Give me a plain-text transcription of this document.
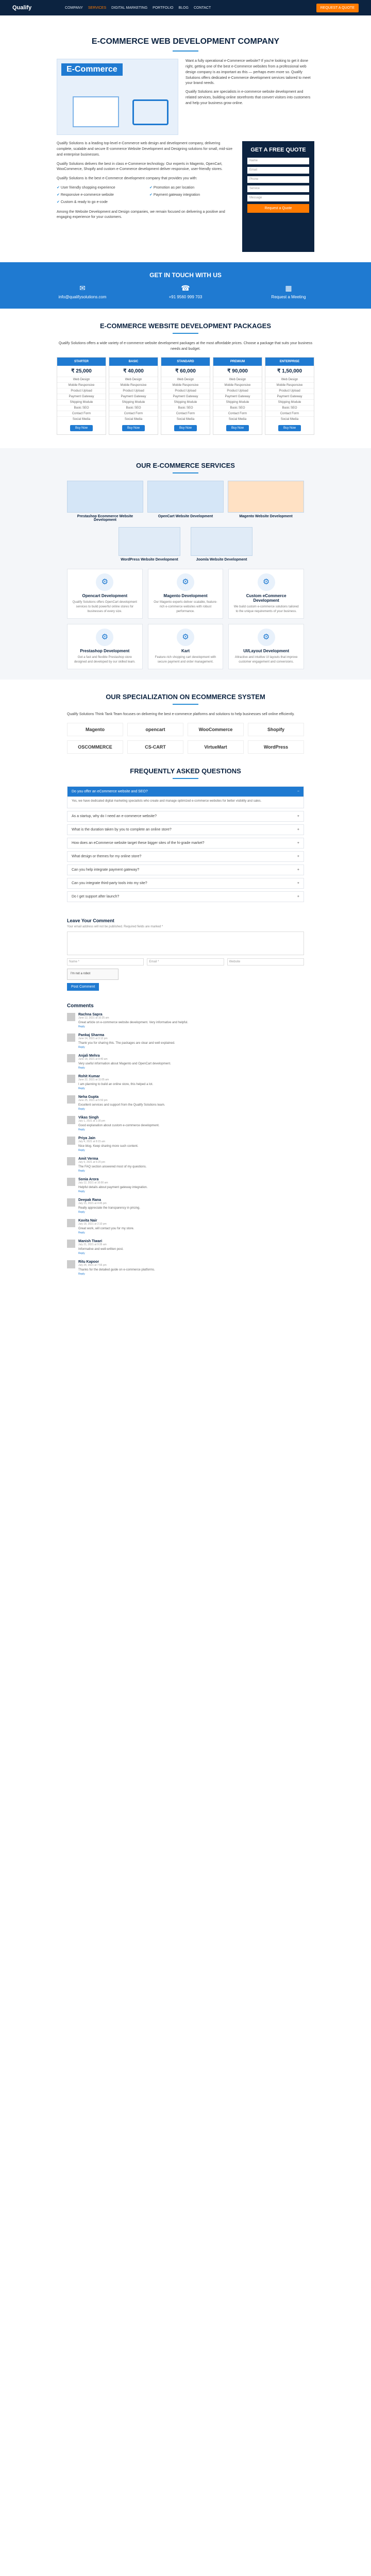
Qualify	COMPANY SERVICES DIGITAL MARKETING PORTFOLIO BLOG CONTACT	REQUEST A QUOTE
E-COMMERCE WEB DEVELOPMENT COMPANY
E-Commerce

Want a fully operational e-Commerce website? If you're looking to get it done right, getting one of the best e-Commerce websites from a professional web design company is as important as this — perhaps even more so. Qualify Solutions offers dedicated e-Commerce development services tailored to meet your brand needs.

Qualify Solutions are specialists in e-commerce website development and related services, building online storefronts that convert visitors into customers and help your business grow online.

Qualify Solutions is a leading top-level e-Commerce web design and development company, delivering complete, scalable and secure E-commerce Website Development and Designing solutions for small, mid-size and enterprise businesses.

Qualify Solutions delivers the best in class e-Commerce technology. Our experts in Magento, OpenCart, WooCommerce, Shopify and custom e-Commerce development deliver responsive, user-friendly stores.

Qualify Solutions is the best e-Commerce development company that provides you with:

✔ User friendly shopping experience	✔ Promotion as per location
✔ Responsive e-commerce website	✔ Payment gateway integration
✔ Custom & ready to go e-code

Among the Website Development and Design companies, we remain focused on delivering a positive and engaging experience for your customers.

GET A FREE QUOTE
Name
Email
Phone
Service
Message
Request a Quote
GET IN TOUCH WITH US
✉
info@qualifysolutions.com
☎
+91 9560 999 703
▦
Request a Meeting
E-COMMERCE WEBSITE DEVELOPMENT PACKAGES
Qualify Solutions offers a wide variety of e-commerce website development packages at the most affordable prices. Choose a package that suits your business needs and budget.
STARTER
₹ 25,000
Web Design
Mobile Responsive
Product Upload
Payment Gateway
Shipping Module
Basic SEO
Contact Form
Social Media
Buy Now
BASIC
₹ 40,000
Web Design
Mobile Responsive
Product Upload
Payment Gateway
Shipping Module
Basic SEO
Contact Form
Social Media
Buy Now
STANDARD
₹ 60,000
Web Design
Mobile Responsive
Product Upload
Payment Gateway
Shipping Module
Basic SEO
Contact Form
Social Media
Buy Now
PREMIUM
₹ 90,000
Web Design
Mobile Responsive
Product Upload
Payment Gateway
Shipping Module
Basic SEO
Contact Form
Social Media
Buy Now
ENTERPRISE
₹ 1,50,000
Web Design
Mobile Responsive
Product Upload
Payment Gateway
Shipping Module
Basic SEO
Contact Form
Social Media
Buy Now
OUR E-COMMERCE SERVICES
Prestashop Ecommerce Website Development
OpenCart Website Development	Magento Website Development
WordPress Website Development	Joomla Website Development
⚙
Opencart Development

Qualify Solutions offers OpenCart development services to build powerful online stores for businesses of every size.

⚙
Magento Development

Our Magento experts deliver scalable, feature-rich e-commerce websites with robust performance.

⚙
Custom eCommerce Development

We build custom e-commerce solutions tailored to the unique requirements of your business.

⚙
Prestashop Development

Get a fast and flexible Prestashop store designed and developed by our skilled team.

⚙
Kart

Feature-rich shopping cart development with secure payment and order management.

⚙
UI/Layout Development

Attractive and intuitive UI layouts that improve customer engagement and conversions.

OUR SPECIALIZATION ON ECOMMERCE SYSTEM
Qualify Solutions Think Tank Team focuses on delivering the best e-commerce platforms and solutions to help businesses sell online efficiently.
Magento	opencart	WooCommerce	Shopify
OSCOMMERCE	CS-CART	VirtueMart	WordPress
FREQUENTLY ASKED QUESTIONS
Do you offer an eCommerce website and SEO?	−
Yes, we have dedicated digital marketing specialists who create and manage optimized e-commerce websites for better visibility and sales.
As a startup, why do I need an e-commerce website?	+
What is the duration taken by you to complete an online store?	+
How does an eCommerce website target these bigger sites of the hi-grade market?	+
What design or themes for my online store?	+
Can you help integrate payment gateway?	+
Can you integrate third-party tools into my site?	+
Do I get support after launch?	+
Leave Your Comment
Your email address will not be published. Required fields are marked *
Name *	Email *	Website
I'm not a robot
Post Comment
Comments
Rachna Sapra
June 12, 2021 at 10:25 am
Great article on e-commerce website development. Very informative and helpful.
Reply
Pankaj Sharma
June 14, 2021 at 3:12 pm
Thank you for sharing this. The packages are clear and well explained.
Reply
Anjali Mehra
June 18, 2021 at 9:40 am
Very useful information about Magento and OpenCart development.
Reply
Rohit Kumar
June 22, 2021 at 11:05 am
I am planning to build an online store, this helped a lot.
Reply
Neha Gupta
June 25, 2021 at 5:50 pm
Excellent services and support from the Qualify Solutions team.
Reply
Vikas Singh
July 1, 2021 at 1:30 pm
Good explanation about custom e-commerce development.
Reply
Priya Jain
July 4, 2021 at 8:15 am
Nice blog. Keep sharing more such content.
Reply
Amit Verma
July 9, 2021 at 6:20 pm
The FAQ section answered most of my questions.
Reply
Sonia Arora
July 12, 2021 at 10:00 am
Helpful details about payment gateway integration.
Reply
Deepak Rana
July 15, 2021 at 4:45 pm
Really appreciate the transparency in pricing.
Reply
Kavita Nair
July 18, 2021 at 2:10 pm
Great work, will contact you for my store.
Reply
Manish Tiwari
July 21, 2021 at 9:35 am
Informative and well-written post.
Reply
Ritu Kapoor
July 24, 2021 at 7:55 pm
Thanks for the detailed guide on e-commerce platforms.
Reply
